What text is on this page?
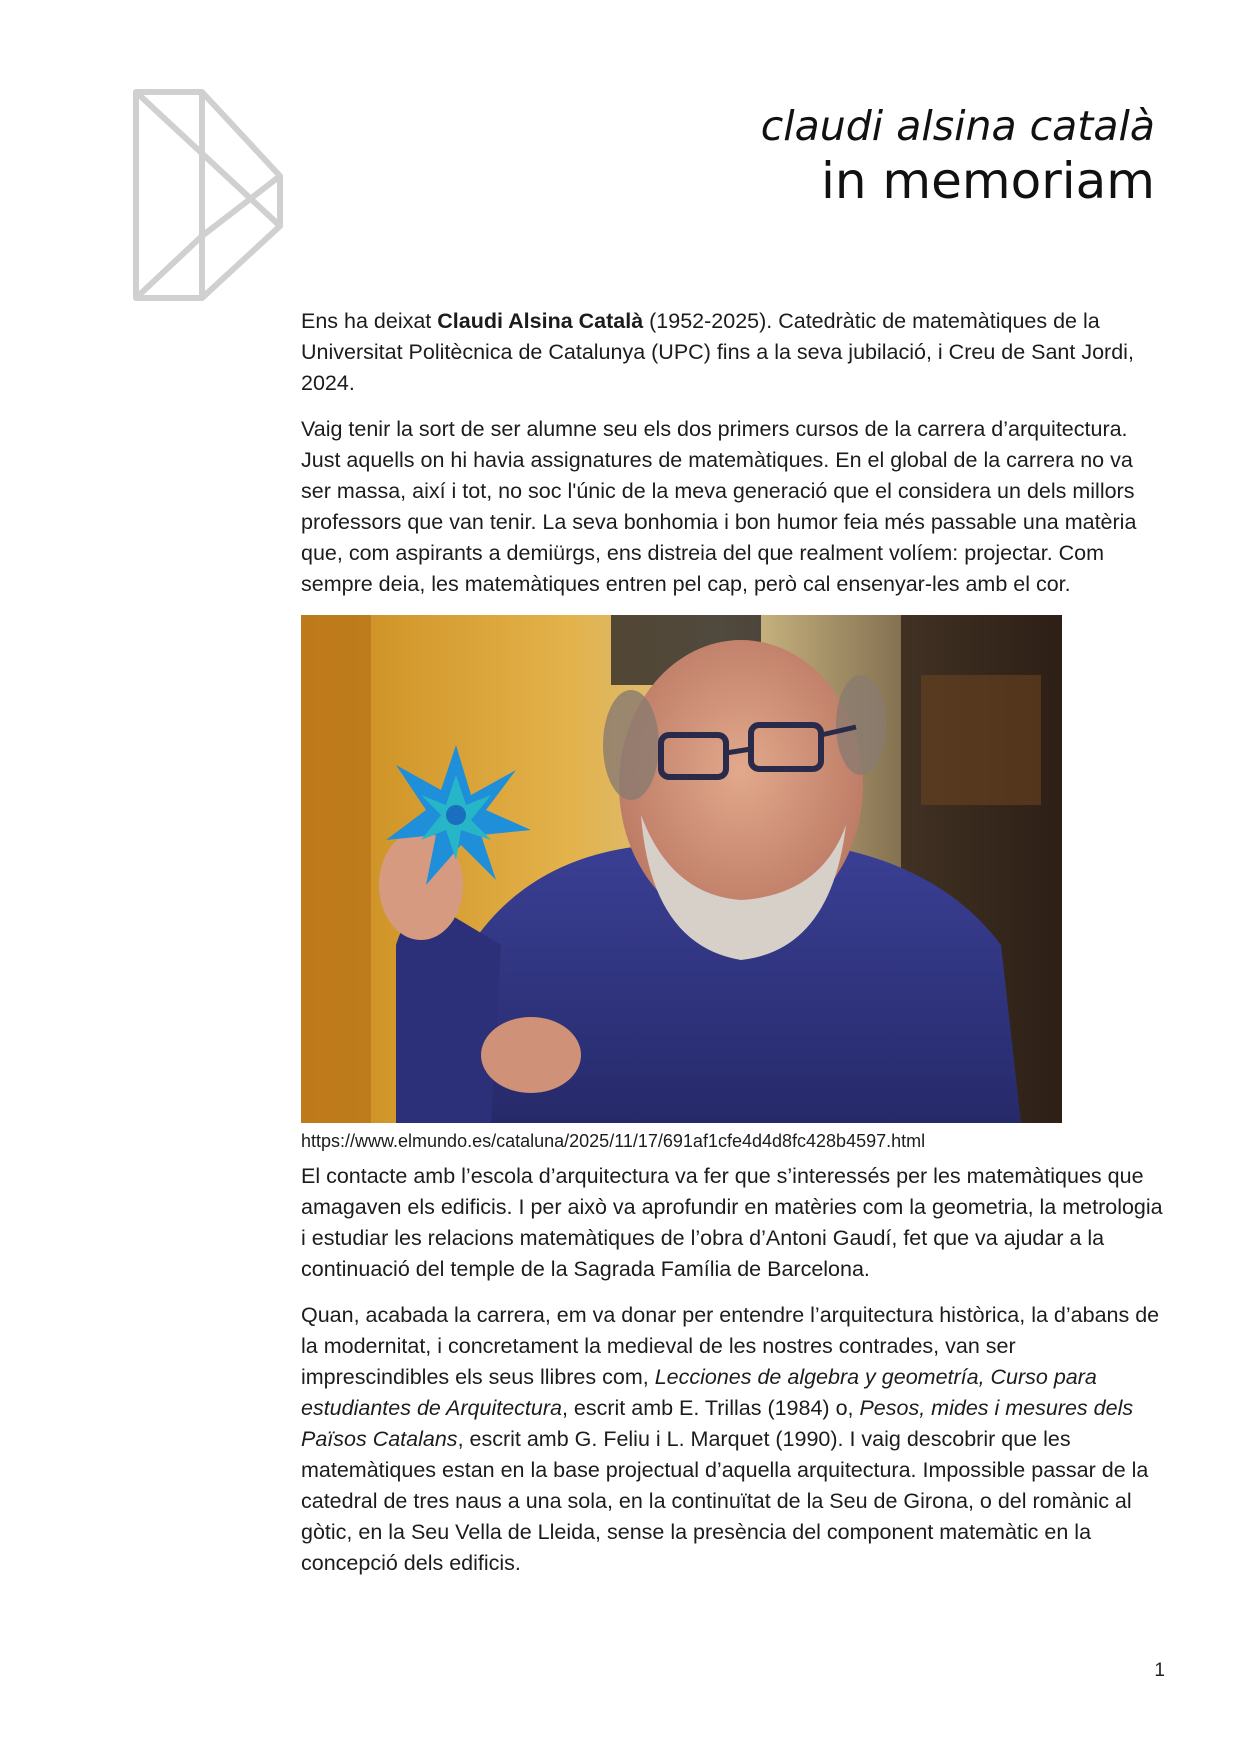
claudi alsina català
in memoriam

Ens ha deixat Claudi Alsina Català (1952-2025). Catedràtic de matemàtiques de la Universitat Politècnica de Catalunya (UPC) fins a la seva jubilació, i Creu de Sant Jordi, 2024.

Vaig tenir la sort de ser alumne seu els dos primers cursos de la carrera d’arquitectura. Just aquells on hi havia assignatures de matemàtiques. En el global de la carrera no va ser massa, així i tot, no soc l'únic de la meva generació que el considera un dels millors professors que van tenir. La seva bonhomia i bon humor feia més passable una matèria que, com aspirants a demiürgs, ens distreia del que realment volíem: projectar. Com sempre deia, les matemàtiques entren pel cap, però cal ensenyar-les amb el cor.

https://www.elmundo.es/cataluna/2025/11/17/691af1cfe4d4d8fc428b4597.html

El contacte amb l’escola d’arquitectura va fer que s’interessés per les matemàtiques que amagaven els edificis. I per això va aprofundir en matèries com la geometria, la metrologia i estudiar les relacions matemàtiques de l’obra d’Antoni Gaudí, fet que va ajudar a la continuació del temple de la Sagrada Família de Barcelona.

Quan, acabada la carrera, em va donar per entendre l’arquitectura històrica, la d’abans de la modernitat, i concretament la medieval de les nostres contrades, van ser imprescindibles els seus llibres com, Lecciones de algebra y geometría, Curso para estudiantes de Arquitectura, escrit amb E. Trillas (1984) o, Pesos, mides i mesures dels Països Catalans, escrit amb G. Feliu i L. Marquet (1990). I vaig descobrir que les matemàtiques estan en la base projectual d’aquella arquitectura. Impossible passar de la catedral de tres naus a una sola, en la continuïtat de la Seu de Girona, o del romànic al gòtic, en la Seu Vella de Lleida, sense la presència del component matemàtic en la concepció dels edificis.

1
